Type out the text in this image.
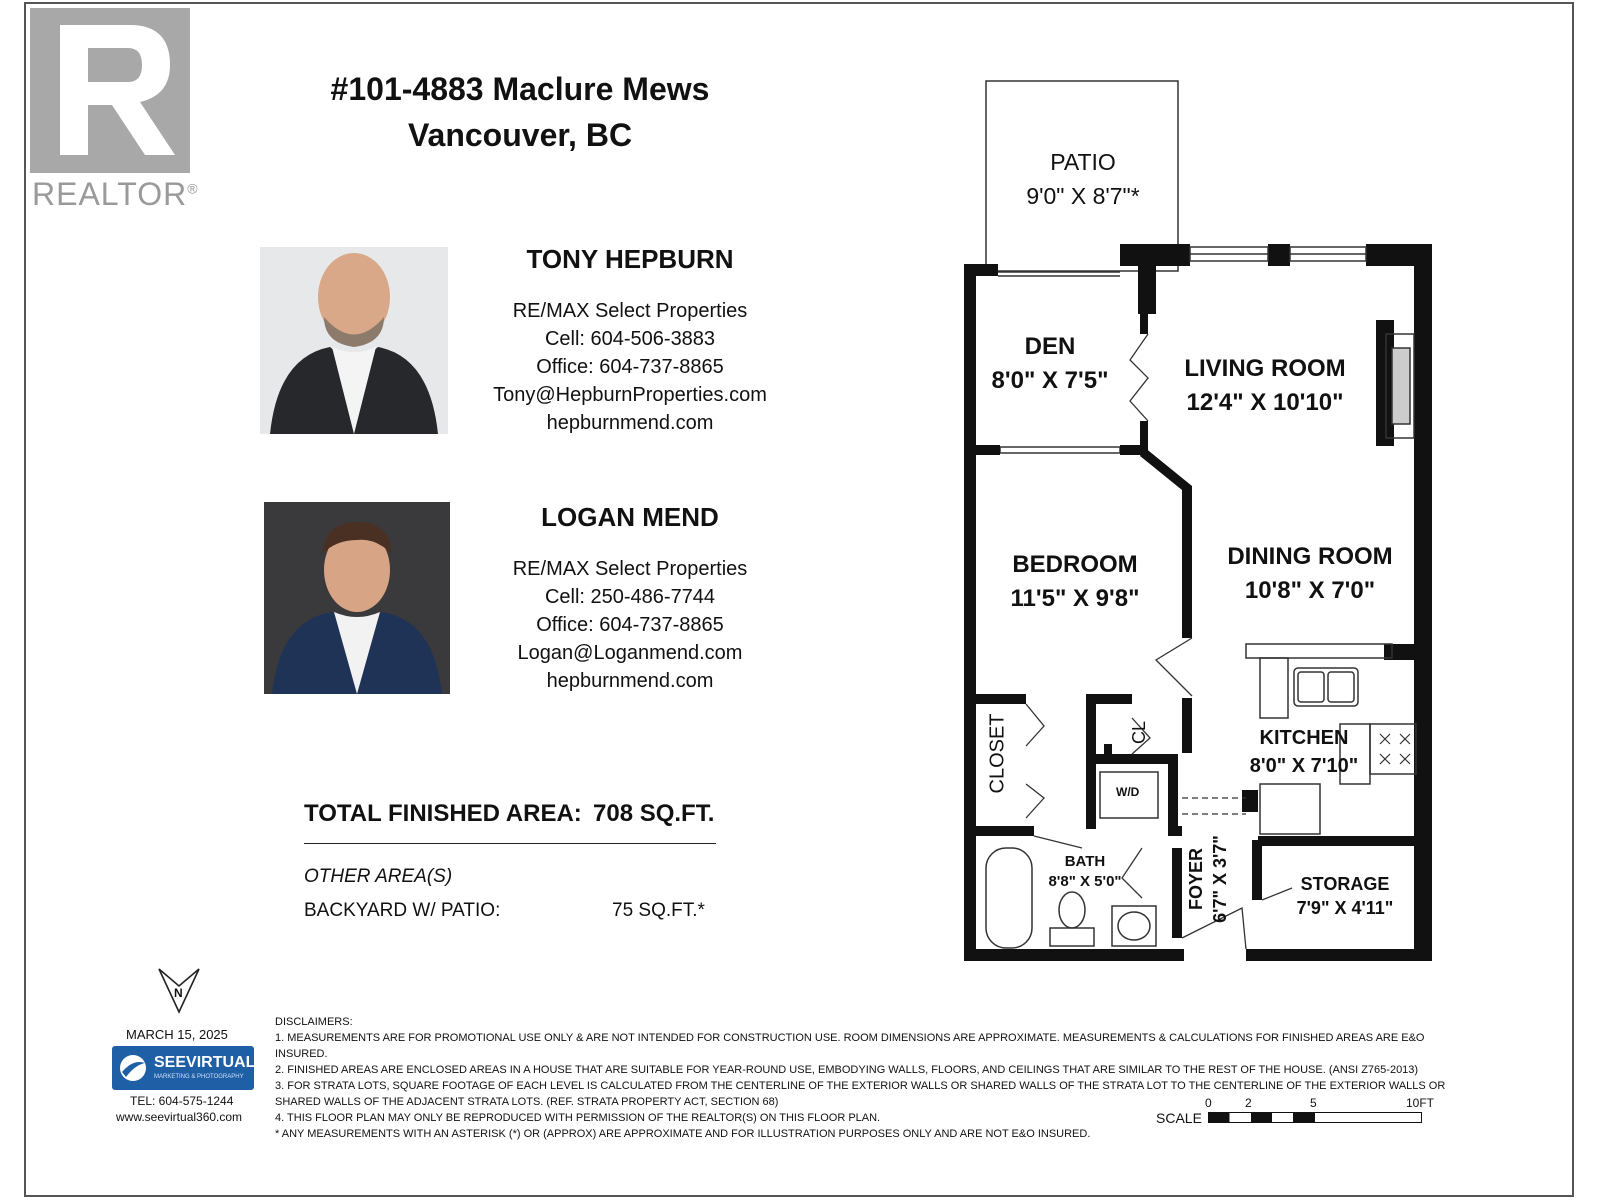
REALTOR®
#101-4883 Maclure Mews
Vancouver, BC
TONY HEPBURN
RE/MAX Select Properties
Cell: 604-506-3883
Office: 604-737-8865
Tony@HepburnProperties.com
hepburnmend.com
LOGAN MEND
RE/MAX Select Properties
Cell: 250-486-7744
Office: 604-737-8865
Logan@Loganmend.com
hepburnmend.com
TOTAL FINISHED AREA: 708 SQ.FT.
OTHER AREA(S)
BACKYARD W/ PATIO:	75 SQ.FT.*
PATIO
9'0" X 8'7"*
DEN
8'0" X 7'5"	LIVING ROOM
12'4" X 10'10"
BEDROOM
11'5" X 9'8"
DINING ROOM
10'8" X 7'0"
KITCHEN
8'0" X 7'10"
CLOSET	CL
W/D
BATH
8'8" X 5'0"	FOYER 6'7" X 3'7"	STORAGE
7'9" X 4'11"
N
MARCH 15, 2025
SEEVIRTUAL
MARKETING & PHOTOGRAPHY
TEL: 604-575-1244
www.seevirtual360.com
DISCLAIMERS:
1. MEASUREMENTS ARE FOR PROMOTIONAL USE ONLY & ARE NOT INTENDED FOR CONSTRUCTION USE. ROOM DIMENSIONS ARE APPROXIMATE. MEASUREMENTS & CALCULATIONS FOR FINISHED AREAS ARE E&O INSURED.
2. FINISHED AREAS ARE ENCLOSED AREAS IN A HOUSE THAT ARE SUITABLE FOR YEAR-ROUND USE, EMBODYING WALLS, FLOORS, AND CEILINGS THAT ARE SIMILAR TO THE REST OF THE HOUSE. (ANSI Z765-2013)
3. FOR STRATA LOTS, SQUARE FOOTAGE OF EACH LEVEL IS CALCULATED FROM THE CENTERLINE OF THE EXTERIOR WALLS OR SHARED WALLS OF THE STRATA LOT TO THE CENTERLINE OF THE EXTERIOR WALLS OR
SHARED WALLS OF THE ADJACENT STRATA LOTS. (REF. STRATA PROPERTY ACT, SECTION 68)
4. THIS FLOOR PLAN MAY ONLY BE REPRODUCED WITH PERMISSION OF THE REALTOR(S) ON THIS FLOOR PLAN.
* ANY MEASUREMENTS WITH AN ASTERISK (*) OR (APPROX) ARE APPROXIMATE AND FOR ILLUSTRATION PURPOSES ONLY AND ARE NOT E&O INSURED.
SCALE
0	2	5	10FT
